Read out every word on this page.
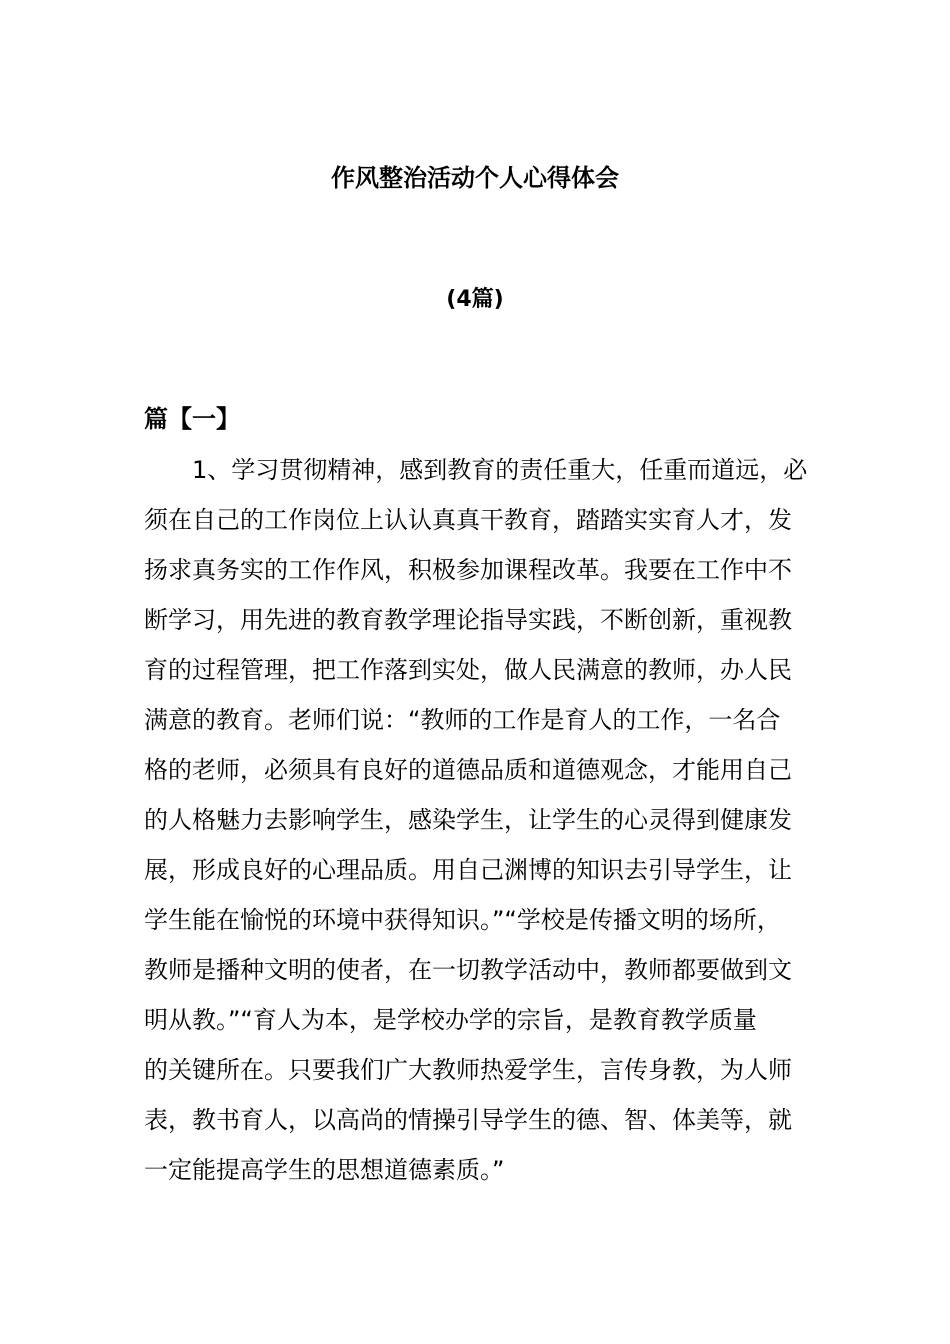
作风整治活动个人心得体会
(4篇)
篇【一】

1、学习贯彻精神，感到教育的责任重大，任重而道远，必
须在自己的工作岗位上认认真真干教育，踏踏实实育人才，发
扬求真务实的工作作风，积极参加课程改革。我要在工作中不
断学习，用先进的教育教学理论指导实践，不断创新，重视教
育的过程管理，把工作落到实处，做人民满意的教师，办人民
满意的教育。老师们说：“教师的工作是育人的工作，一名合
格的老师，必须具有良好的道德品质和道德观念，才能用自己
的人格魅力去影响学生，感染学生，让学生的心灵得到健康发
展，形成良好的心理品质。用自己渊博的知识去引导学生，让
学生能在愉悦的环境中获得知识。”“学校是传播文明的场所，
教师是播种文明的使者，在一切教学活动中，教师都要做到文
明从教。”“育人为本，是学校办学的宗旨，是教育教学质量
的关键所在。只要我们广大教师热爱学生，言传身教，为人师
表，教书育人，以高尚的情操引导学生的德、智、体美等，就
一定能提高学生的思想道德素质。”
